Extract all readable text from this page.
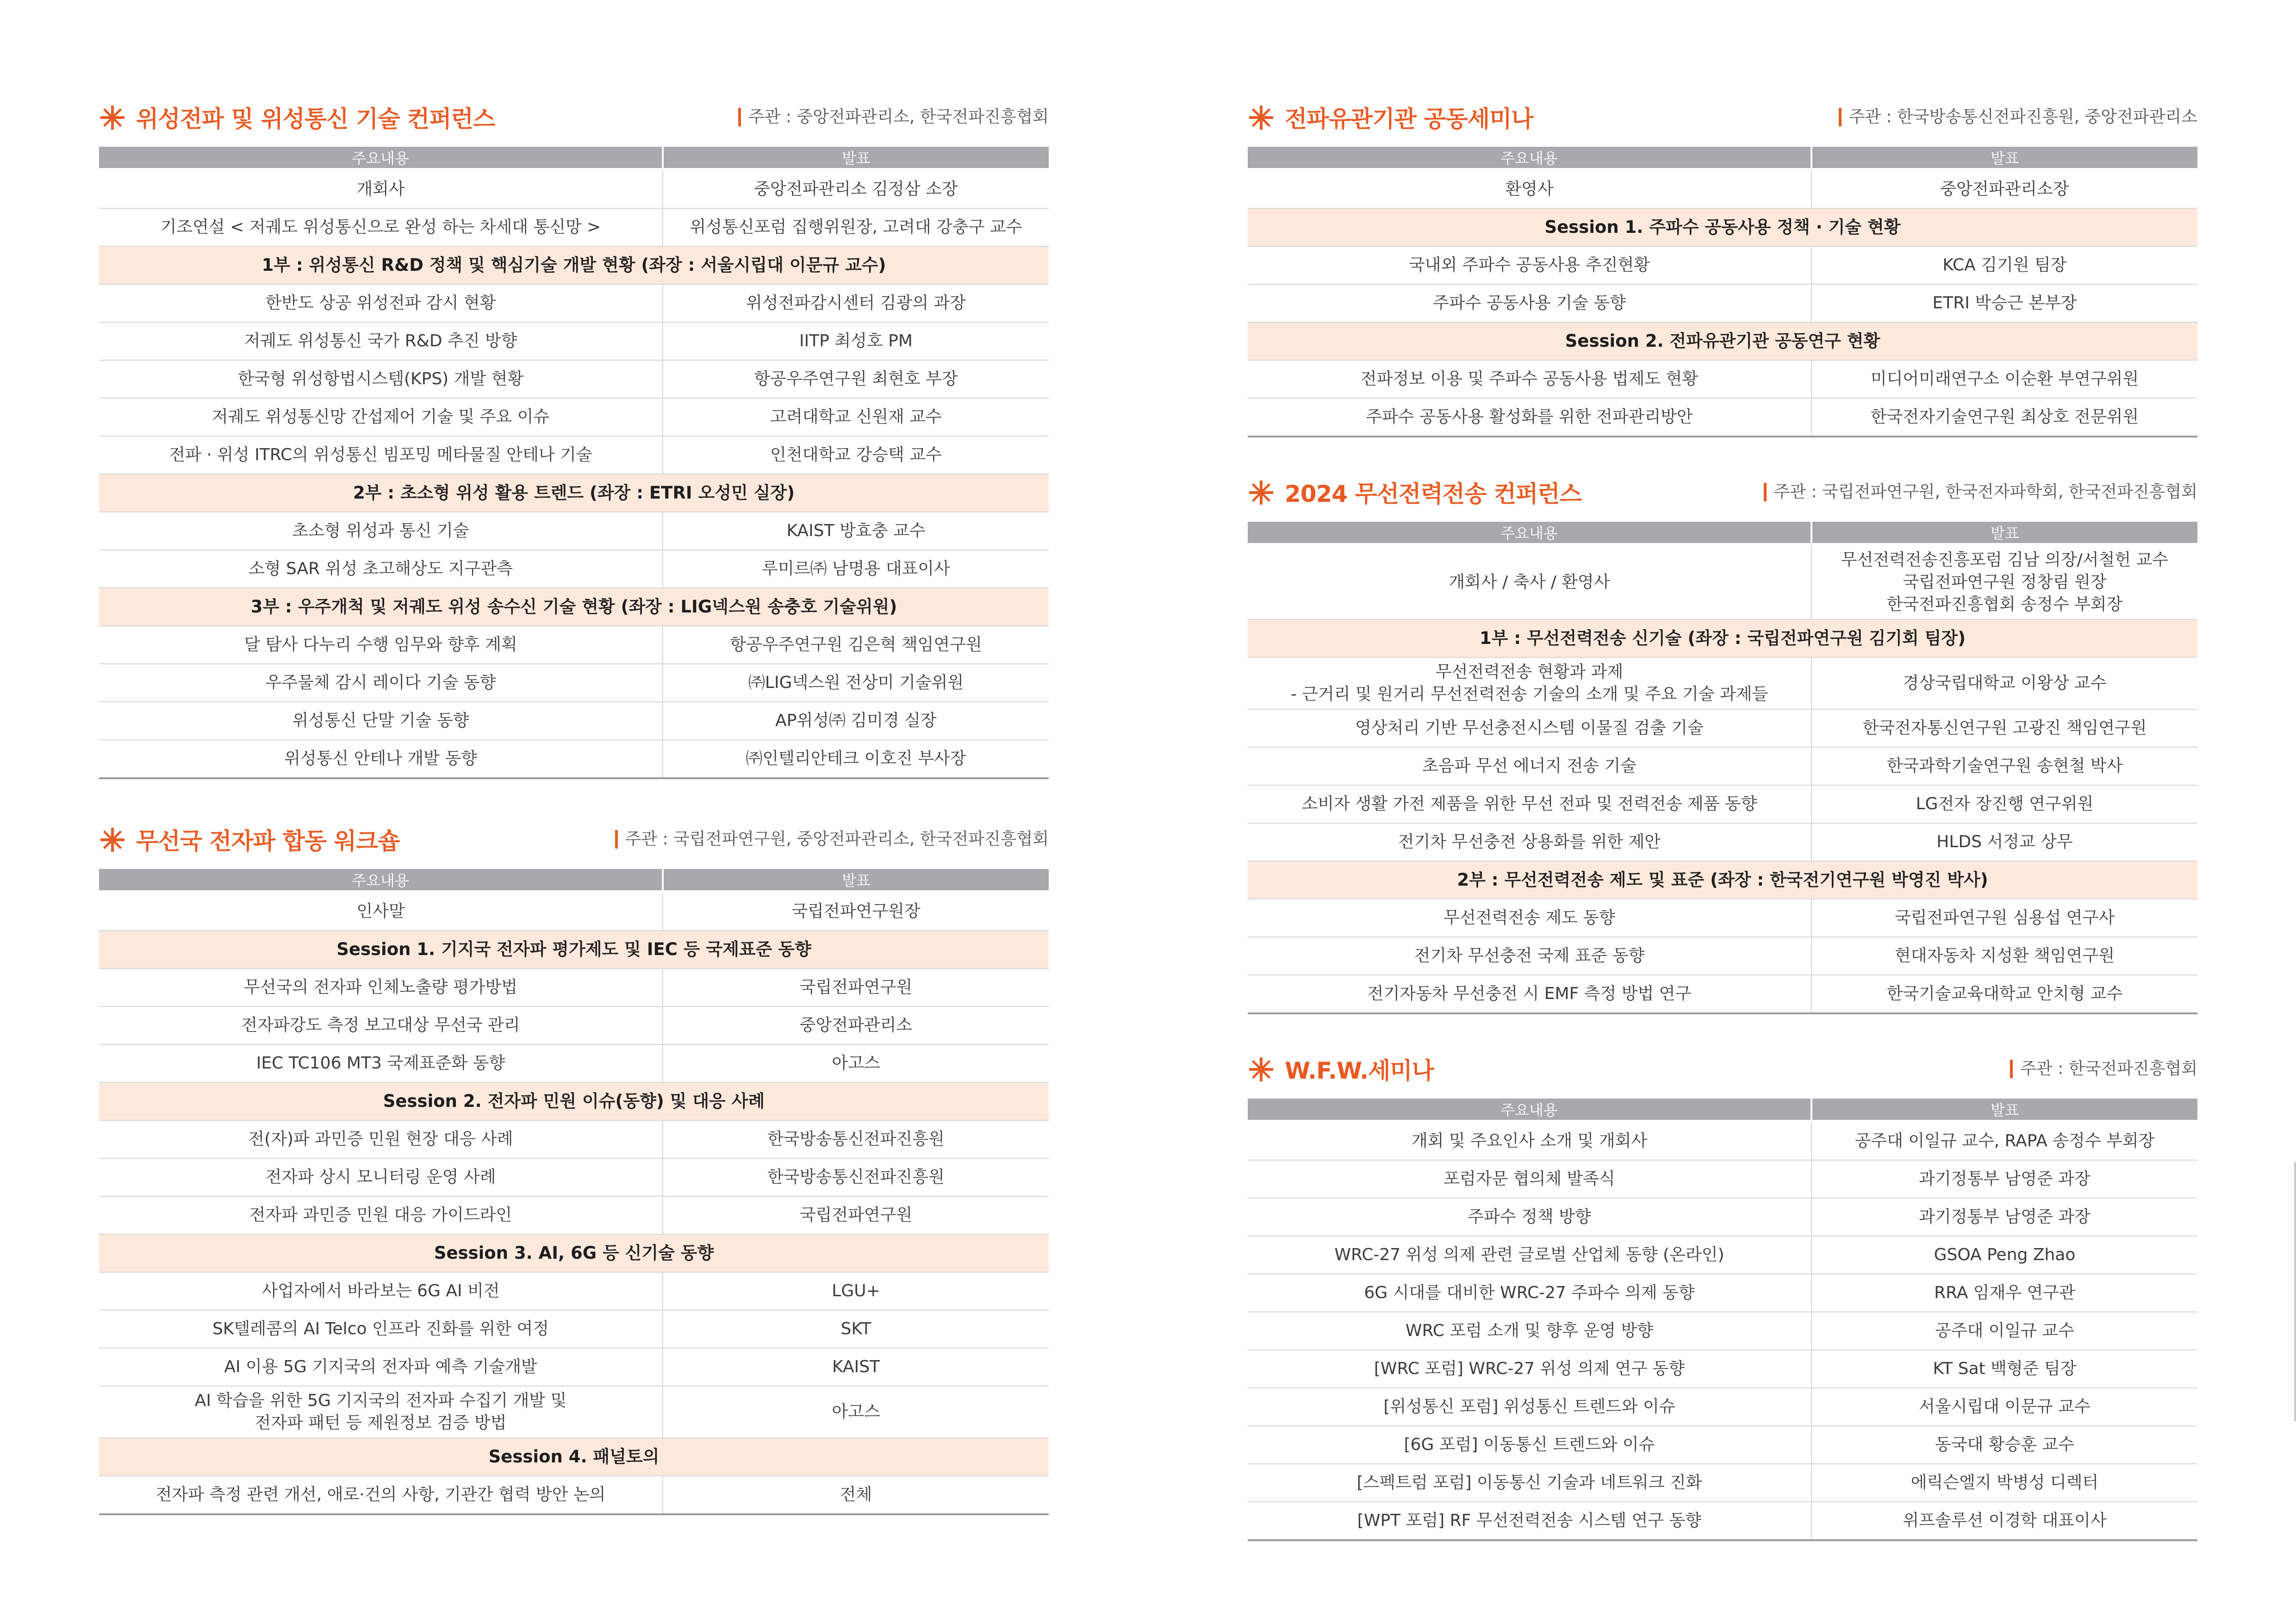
위성전파 및 위성통신 기술 컨퍼런스	주관 : 중앙전파관리소, 한국전파진흥협회
주요내용	발표
개회사	중앙전파관리소 김정삼 소장
기조연설 < 저궤도 위성통신으로 완성 하는 차세대 통신망 >	위성통신포럼 집행위원장, 고려대 강충구 교수
1부 : 위성통신 R&D 정책 및 핵심기술 개발 현황 (좌장 : 서울시립대 이문규 교수)	
한반도 상공 위성전파 감시 현황	위성전파감시센터 김광의 과장
저궤도 위성통신 국가 R&D 추진 방향	IITP 최성호 PM
한국형 위성항법시스템(KPS) 개발 현황	항공우주연구원 최현호 부장
저궤도 위성통신망 간섭제어 기술 및 주요 이슈	고려대학교 신원재 교수
전파 · 위성 ITRC의 위성통신 빔포밍 메타물질 안테나 기술	인천대학교 강승택 교수
2부 : 초소형 위성 활용 트렌드 (좌장 : ETRI 오성민 실장)	
초소형 위성과 통신 기술	KAIST 방효충 교수
소형 SAR 위성 초고해상도 지구관측	루미르㈜ 남명용 대표이사
3부 : 우주개척 및 저궤도 위성 송수신 기술 현황 (좌장 : LIG넥스원 송충호 기술위원)	
달 탐사 다누리 수행 임무와 향후 계획	항공우주연구원 김은혁 책임연구원
우주물체 감시 레이다 기술 동향	㈜LIG넥스원 전상미 기술위원
위성통신 단말 기술 동향	AP위성㈜ 김미경 실장
위성통신 안테나 개발 동향	㈜인텔리안테크 이호진 부사장
무선국 전자파 합동 워크숍	주관 : 국립전파연구원, 중앙전파관리소, 한국전파진흥협회
주요내용	발표
인사말	국립전파연구원장
Session 1. 기지국 전자파 평가제도 및 IEC 등 국제표준 동향	
무선국의 전자파 인체노출량 평가방법	국립전파연구원
전자파강도 측정 보고대상 무선국 관리	중앙전파관리소
IEC TC106 MT3 국제표준화 동향	아고스
Session 2. 전자파 민원 이슈(동향) 및 대응 사례	
전(자)파 과민증 민원 현장 대응 사례	한국방송통신전파진흥원
전자파 상시 모니터링 운영 사례	한국방송통신전파진흥원
전자파 과민증 민원 대응 가이드라인	국립전파연구원
Session 3. AI, 6G 등 신기술 동향	
사업자에서 바라보는 6G AI 비전	LGU+
SK텔레콤의 AI Telco 인프라 진화를 위한 여정	SKT
AI 이용 5G 기지국의 전자파 예측 기술개발	KAIST

AI 학습을 위한 5G 기지국의 전자파 수집기 개발 및
전자파 패턴 등 제원정보 검증 방법	아고스
Session 4. 패널토의	
전자파 측정 관련 개선, 애로·건의 사항, 기관간 협력 방안 논의	전체
전파유관기관 공동세미나	주관 : 한국방송통신전파진흥원, 중앙전파관리소
주요내용	발표
환영사	중앙전파관리소장
Session 1. 주파수 공동사용 정책 · 기술 현황	
국내외 주파수 공동사용 추진현황	KCA 김기원 팀장
주파수 공동사용 기술 동향	ETRI 박승근 본부장
Session 2. 전파유관기관 공동연구 현황	
전파정보 이용 및 주파수 공동사용 법제도 현황	미디어미래연구소 이순환 부연구위원
주파수 공동사용 활성화를 위한 전파관리방안	한국전자기술연구원 최상호 전문위원
2024 무선전력전송 컨퍼런스	주관 : 국립전파연구원, 한국전자파학회, 한국전파진흥협회
주요내용	발표
개회사 / 축사 / 환영사	무선전력전송진흥포럼 김남 의장/서철헌 교수
국립전파연구원 정창림 원장
한국전파진흥협회 송정수 부회장

1부 : 무선전력전송 신기술 (좌장 : 국립전파연구원 김기회 팀장)	

무선전력전송 현황과 과제
- 근거리 및 원거리 무선전력전송 기술의 소개 및 주요 기술 과제들	경상국립대학교 이왕상 교수
영상처리 기반 무선충전시스템 이물질 검출 기술	한국전자통신연구원 고광진 책임연구원
초음파 무선 에너지 전송 기술	한국과학기술연구원 송현철 박사
소비자 생활 가전 제품을 위한 무선 전파 및 전력전송 제품 동향	LG전자 장진행 연구위원
전기차 무선충전 상용화를 위한 제안	HLDS 서정교 상무
2부 : 무선전력전송 제도 및 표준 (좌장 : 한국전기연구원 박영진 박사)	
무선전력전송 제도 동향	국립전파연구원 심용섭 연구사
전기차 무선충전 국제 표준 동향	현대자동차 지성환 책임연구원
전기자동차 무선충전 시 EMF 측정 방법 연구	한국기술교육대학교 안치형 교수
W.F.W.세미나	주관 : 한국전파진흥협회
주요내용	발표
개회 및 주요인사 소개 및 개회사	공주대 이일규 교수, RAPA 송정수 부회장
포럼자문 협의체 발족식	과기정통부 남영준 과장
주파수 정책 방향	과기정통부 남영준 과장
WRC-27 위성 의제 관련 글로벌 산업체 동향 (온라인)	GSOA Peng Zhao
6G 시대를 대비한 WRC-27 주파수 의제 동향	RRA 임재우 연구관
WRC 포럼 소개 및 향후 운영 방향	공주대 이일규 교수
[WRC 포럼] WRC-27 위성 의제 연구 동향	KT Sat 백형준 팀장
[위성통신 포럼] 위성통신 트렌드와 이슈	서울시립대 이문규 교수
[6G 포럼] 이동통신 트렌드와 이슈	동국대 황승훈 교수
[스펙트럼 포럼] 이동통신 기술과 네트워크 진화	에릭슨엘지 박병성 디렉터
[WPT 포럼] RF 무선전력전송 시스템 연구 동향	위프솔루션 이경학 대표이사
